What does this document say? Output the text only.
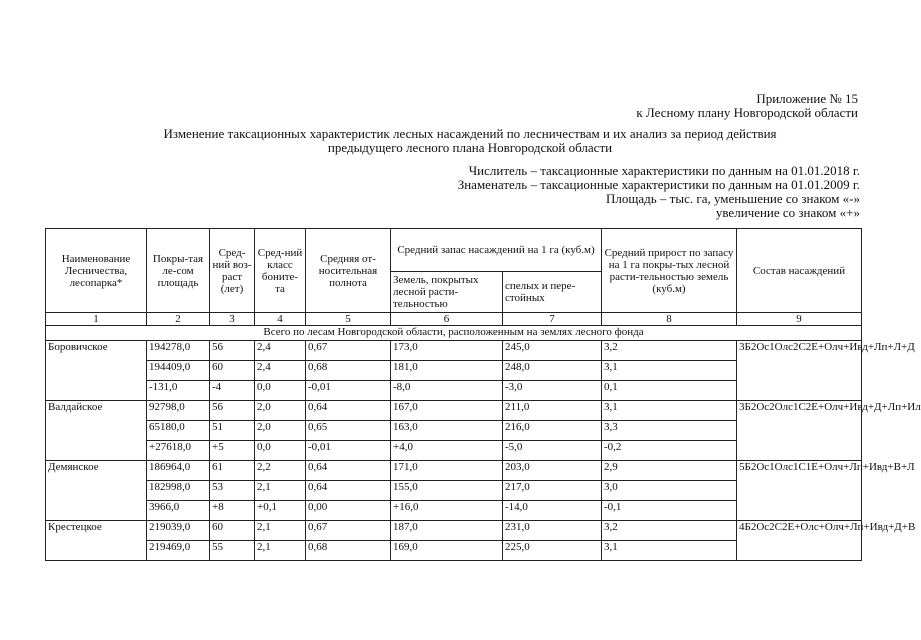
Приложение № 15
к Лесному плану Новгородской области
Изменение таксационных характеристик лесных насаждений по лесничествам и их анализ за период действия
предыдущего лесного плана Новгородской области
Числитель – таксационные характеристики по данным на 01.01.2018 г.
Знаменатель – таксационные характеристики по данным на 01.01.2009 г.
Площадь – тыс. га, уменьшение со знаком «-»
увеличение со знаком «+»
Наименование Лесничества, лесопарка*	Покры-тая ле-сом площадь	Сред-ний воз-раст (лет)	Сред-ний класс боните-та	Средняя от-носительная полнота	Средний запас насаждений на 1 га (куб.м)		Средний прирост по запасу на 1 га покры-тых лесной расти-тельностью земель (куб.м)	Состав насаждений
					Земель, покрытых лесной расти-тельностью	спелых и пере-стойных		
1	2	3	4	5	6	7	8	9
Всего по лесам Новгородской области, расположенным на землях лесного фонда								
Боровичское	194278,0	56	2,4	0,67	173,0	245,0	3,2	3Б2Ос1Олс2С2Е+Олч+Ивд+Лп+Л+Д
	194409,0	60	2,4	0,68	181,0	248,0	3,1	
	-131,0	-4	0,0	-0,01	-8,0	-3,0	0,1	
Валдайское	92798,0	56	2,0	0,64	167,0	211,0	3,1	3Б2Ос2Олс1С2Е+Олч+Ивд+Д+Лп+Ил
	65180,0	51	2,0	0,65	163,0	216,0	3,3	
	+27618,0	+5	0,0	-0,01	+4,0	-5,0	-0,2	
Демянское	186964,0	61	2,2	0,64	171,0	203,0	2,9	5Б2Ос1Олс1С1Е+Олч+Лп+Ивд+В+Л
	182998,0	53	2,1	0,64	155,0	217,0	3,0	
	3966,0	+8	+0,1	0,00	+16,0	-14,0	-0,1	
Крестецкое	219039,0	60	2,1	0,67	187,0	231,0	3,2	4Б2Ос2С2Е+Олс+Олч+Лп+Ивд+Д+В
	219469,0	55	2,1	0,68	169,0	225,0	3,1	
